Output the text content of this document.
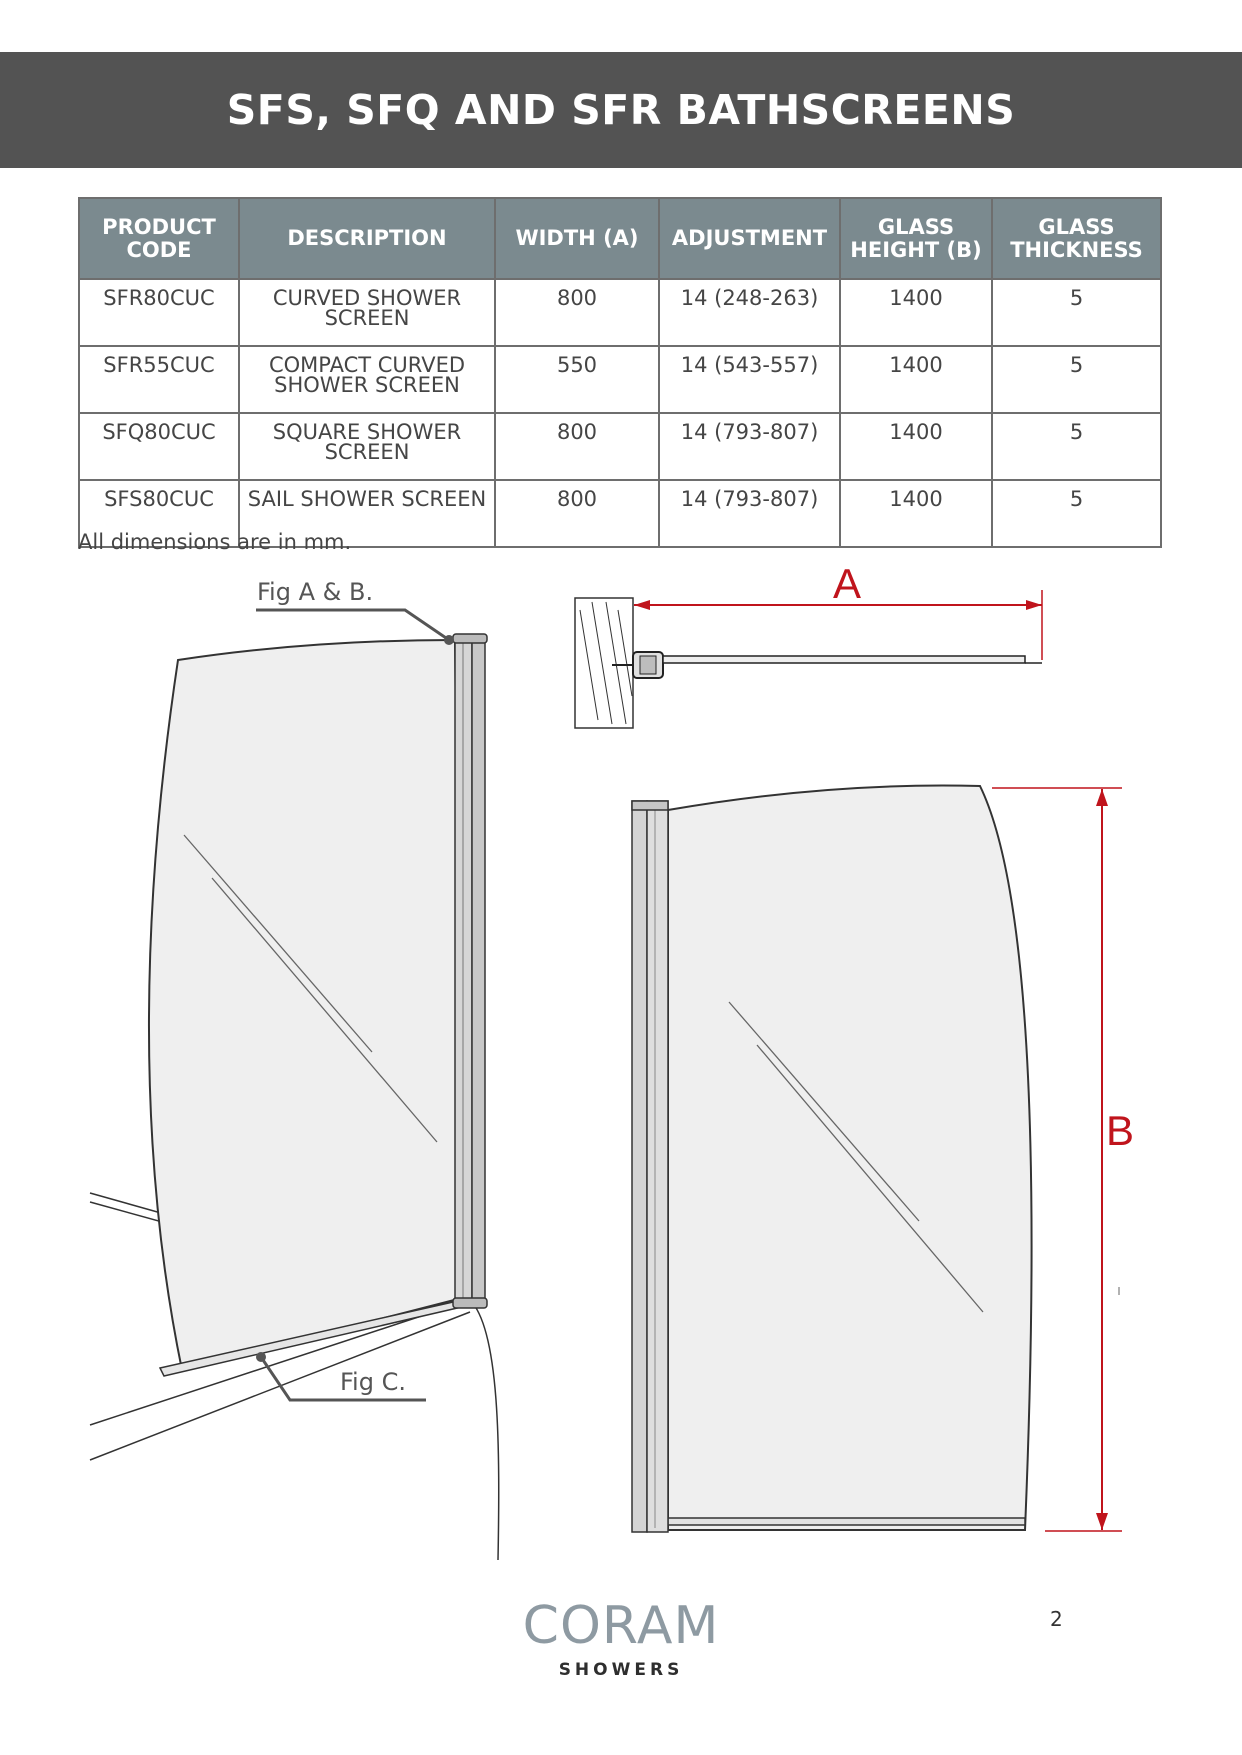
SFS, SFQ AND SFR BATHSCREENS
PRODUCT CODE	DESCRIPTION	WIDTH (A)	ADJUSTMENT	GLASS HEIGHT (B)	GLASS THICKNESS
SFR80CUC	CURVED SHOWER SCREEN	800	14 (248-263)	1400	5
SFR55CUC	COMPACT CURVED SHOWER SCREEN	550	14 (543-557)	1400	5
SFQ80CUC	SQUARE SHOWER SCREEN	800	14 (793-807)	1400	5
SFS80CUC	SAIL SHOWER SCREEN	800	14 (793-807)	1400	5
All dimensions are in mm.
Fig A & B.
Fig C.
A
B
2
CORAM
SHOWERS
